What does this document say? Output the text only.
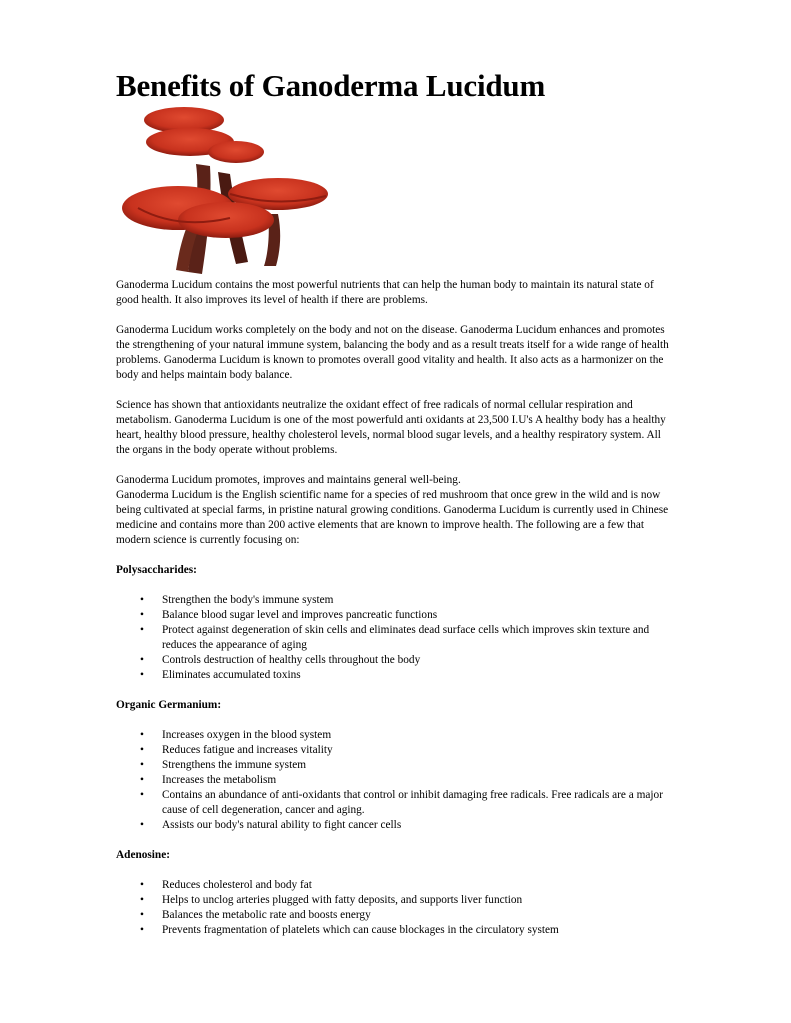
Benefits of Ganoderma Lucidum

Ganoderma Lucidum contains the most powerful nutrients that can help the human body to maintain its natural state of good health. It also improves its level of health if there are problems.

Ganoderma Lucidum works completely on the body and not on the disease. Ganoderma Lucidum enhances and promotes the strengthening of your natural immune system, balancing the body and as a result treats itself for a wide range of health problems. Ganoderma Lucidum is known to promotes overall good vitality and health. It also acts as a harmonizer on the body and helps maintain body balance.

Science has shown that antioxidants neutralize the oxidant effect of free radicals of normal cellular respiration and metabolism. Ganoderma Lucidum is one of the most powerfuld anti oxidants at 23,500 I.U's A healthy body has a healthy heart, healthy blood pressure, healthy cholesterol levels, normal blood sugar levels, and a healthy respiratory system. All the organs in the body operate without problems.

Ganoderma Lucidum promotes, improves and maintains general well-being.

Ganoderma Lucidum is the English scientific name for a species of red mushroom that once grew in the wild and is now being cultivated at special farms, in pristine natural growing conditions. Ganoderma Lucidum is currently used in Chinese medicine and contains more than 200 active elements that are known to improve health. The following are a few that modern science is currently focusing on:

Polysaccharides:

• Strengthen the body's immune system
• Balance blood sugar level and improves pancreatic functions
• Protect against degeneration of skin cells and eliminates dead surface cells which improves skin texture and reduces the appearance of aging
• Controls destruction of healthy cells throughout the body
• Eliminates accumulated toxins

Organic Germanium:

• Increases oxygen in the blood system
• Reduces fatigue and increases vitality
• Strengthens the immune system
• Increases the metabolism
• Contains an abundance of anti-oxidants that control or inhibit damaging free radicals. Free radicals are a major cause of cell degeneration, cancer and aging.
• Assists our body's natural ability to fight cancer cells

Adenosine:

• Reduces cholesterol and body fat
• Helps to unclog arteries plugged with fatty deposits, and supports liver function
• Balances the metabolic rate and boosts energy
• Prevents fragmentation of platelets which can cause blockages in the circulatory system
